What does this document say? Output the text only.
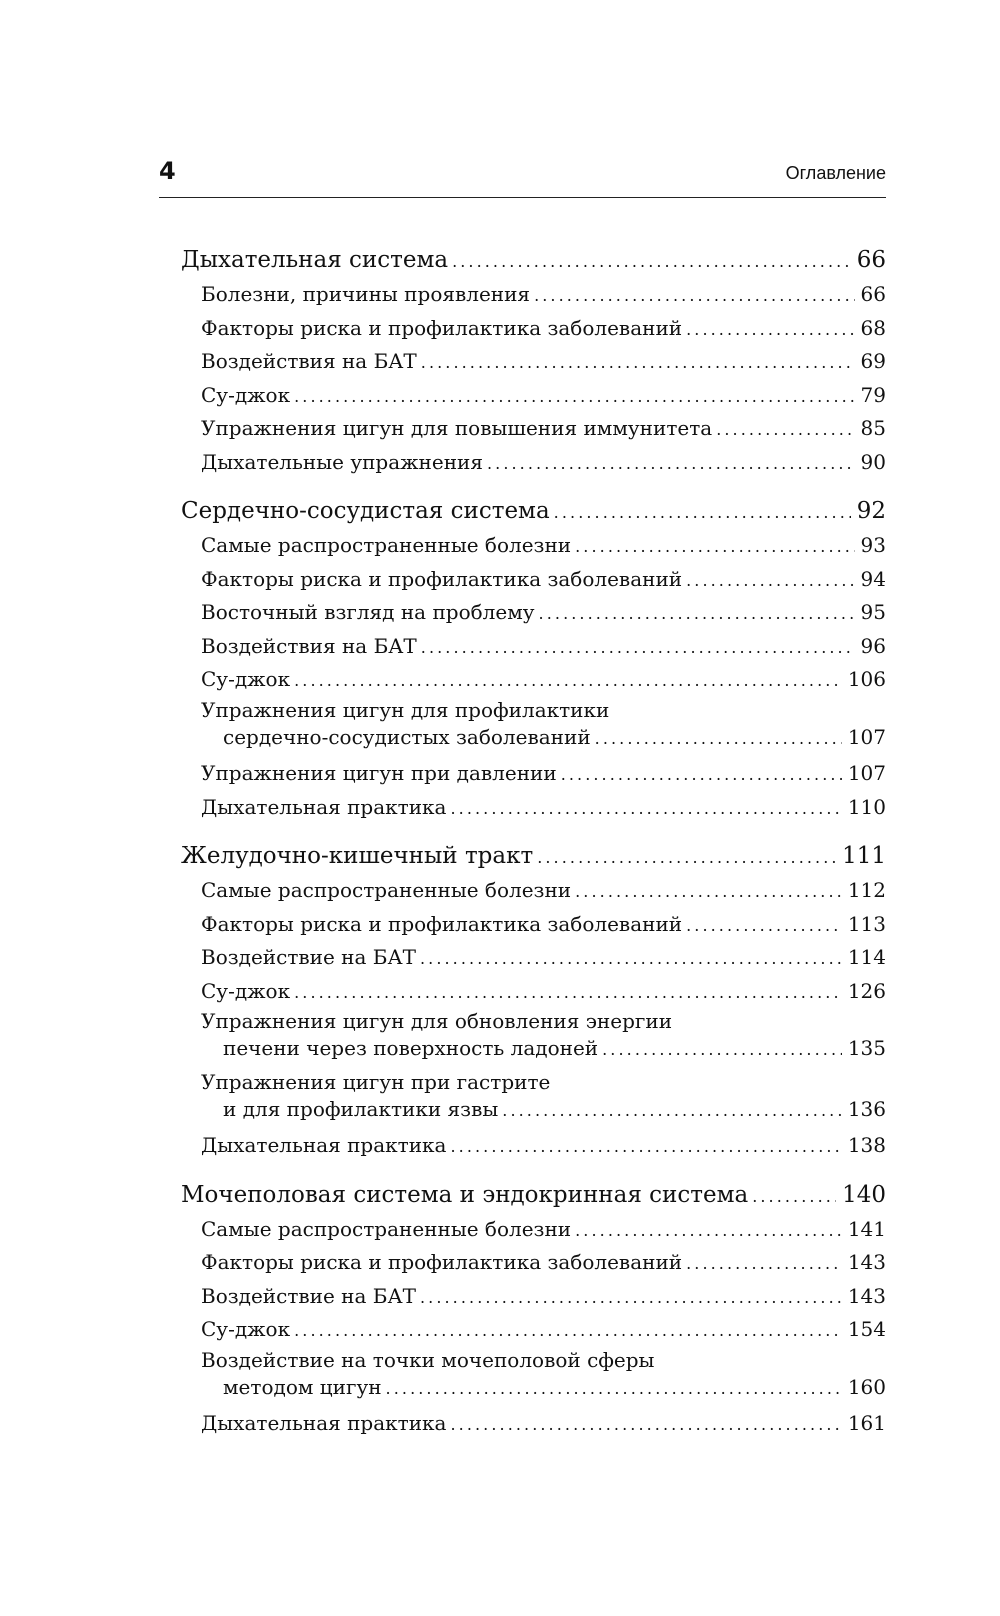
4	Оглавление
Дыхательная система . . .	66
Болезни, причины проявления . . .	66
Факторы риска и профилактика заболеваний . . .	68
Воздействия на БАТ . . .	69
Су-джок . . .	79
Упражнения цигун для повышения иммунитета . . .	85
Дыхательные упражнения . . .	90
Сердечно-сосудистая система . . .	92
Самые распространенные болезни . . .	93
Факторы риска и профилактика заболеваний . . .	94
Восточный взгляд на проблему . . .	95
Воздействия на БАТ . . .	96
Су-джок . . .	106
Упражнения цигун для профилактики
сердечно-сосудистых заболеваний . . .	107
Упражнения цигун при давлении . . .	107
Дыхательная практика . . .	110
Желудочно-кишечный тракт . . .	111
Самые распространенные болезни . . .	112
Факторы риска и профилактика заболеваний . . .	113
Воздействие на БАТ . . .	114
Су-джок . . .	126
Упражнения цигун для обновления энергии
печени через поверхность ладоней . . .	135
Упражнения цигун при гастрите
и для профилактики язвы . . .	136
Дыхательная практика . . .	138
Мочеполовая система и эндокринная система . . .	140
Самые распространенные болезни . . .	141
Факторы риска и профилактика заболеваний . . .	143
Воздействие на БАТ . . .	143
Су-джок . . .	154
Воздействие на точки мочеполовой сферы
методом цигун . . .	160
Дыхательная практика . . .	161
